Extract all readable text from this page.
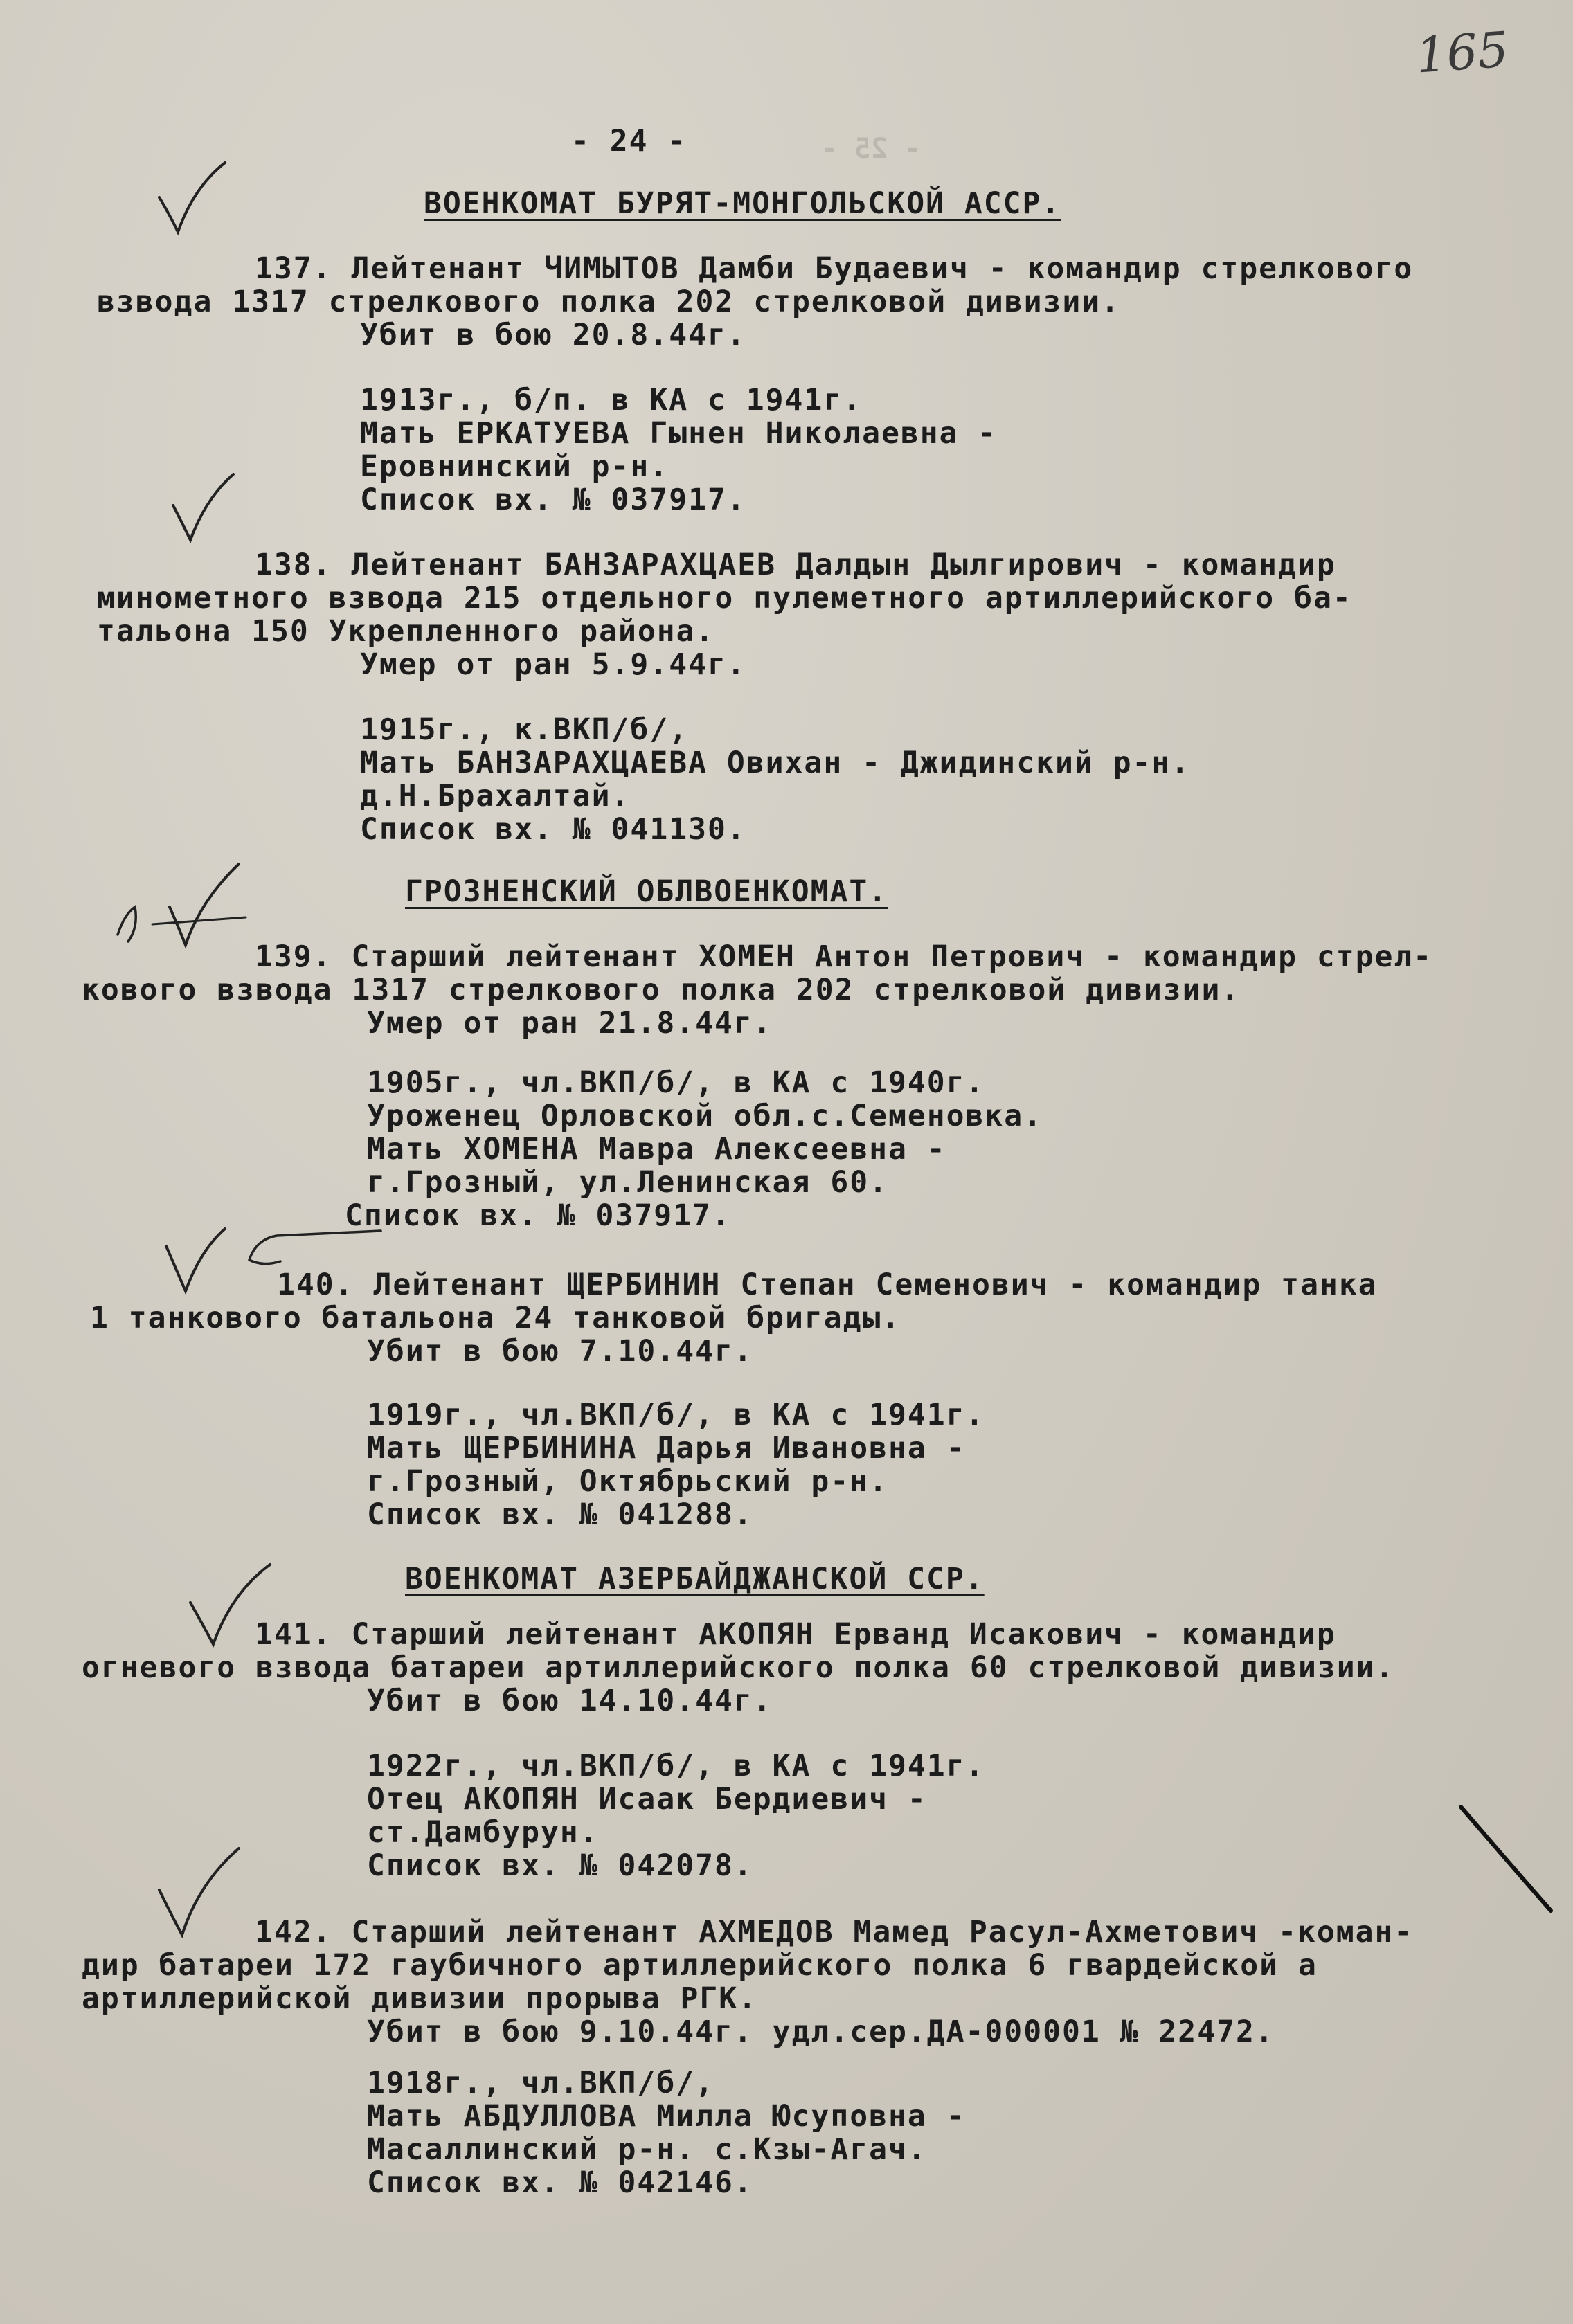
- 25 -
165
- 24 -
ВОЕНКОМАТ БУРЯТ-МОНГОЛЬСКОЙ АССР.
137. Лейтенант ЧИМЫТОВ Дамби Будаевич - командир стрелкового
взвода 1317 стрелкового полка 202 стрелковой дивизии.
Убит в бою 20.8.44г.
1913г., б/п. в КА с 1941г.
Мать ЕРКАТУЕВА Гынен Николаевна -
Еровнинский р-н.
Список вх. № 037917.
138. Лейтенант БАНЗАРАХЦАЕВ Далдын Дылгирович - командир
минометного взвода 215 отдельного пулеметного артиллерийского ба-
тальона 150 Укрепленного района.
Умер от ран 5.9.44г.
1915г., к.ВКП/б/,
Мать БАНЗАРАХЦАЕВА Овихан - Джидинский р-н.
д.Н.Брахалтай.
Список вх. № 041130.
ГРОЗНЕНСКИЙ ОБЛВОЕНКОМАТ.
139. Старший лейтенант ХОМЕН Антон Петрович - командир стрел-
кового взвода 1317 стрелкового полка 202 стрелковой дивизии.
Умер от ран 21.8.44г.
1905г., чл.ВКП/б/, в КА с 1940г.
Уроженец Орловской обл.с.Семеновка.
Мать ХОМЕНА Мавра Алексеевна -
г.Грозный, ул.Ленинская 60.
Список вх. № 037917.
140. Лейтенант ЩЕРБИНИН Степан Семенович - командир танка
1 танкового батальона 24 танковой бригады.
Убит в бою 7.10.44г.
1919г., чл.ВКП/б/, в КА с 1941г.
Мать ЩЕРБИНИНА Дарья Ивановна -
г.Грозный, Октябрьский р-н.
Список вх. № 041288.
ВОЕНКОМАТ АЗЕРБАЙДЖАНСКОЙ ССР.
141. Старший лейтенант АКОПЯН Ерванд Исакович - командир
огневого взвода батареи артиллерийского полка 60 стрелковой дивизии.
Убит в бою 14.10.44г.
1922г., чл.ВКП/б/, в КА с 1941г.
Отец АКОПЯН Исаак Бердиевич -
ст.Дамбурун.
Список вх. № 042078.
142. Старший лейтенант АХМЕДОВ Мамед Расул-Ахметович -коман-
дир батареи 172 гаубичного артиллерийского полка 6 гвардейской а
артиллерийской дивизии прорыва РГК.
Убит в бою 9.10.44г. удл.сер.ДА-000001 № 22472.
1918г., чл.ВКП/б/,
Мать АБДУЛЛОВА Милла Юсуповна -
Масаллинский р-н. с.Кзы-Агач.
Список вх. № 042146.
